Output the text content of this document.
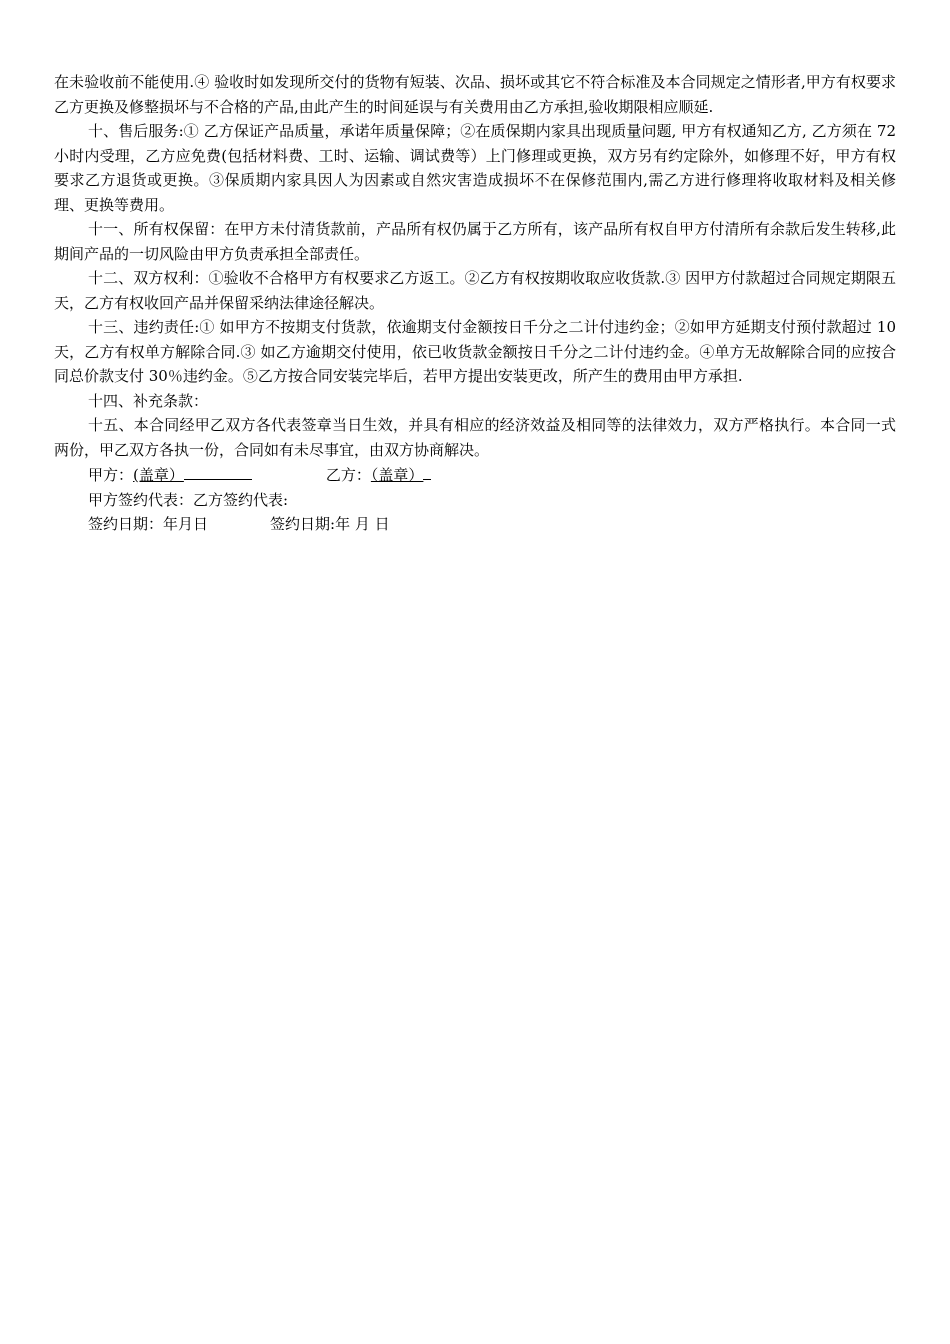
在未验收前不能使用.④ 验收时如发现所交付的货物有短装、次品、损坏或其它不符合标准及本合同规定之情形者,甲方有权要求乙方更换及修整损坏与不合格的产品,由此产生的时间延误与有关费用由乙方承担,验收期限相应顺延.

十、售后服务:① 乙方保证产品质量，承诺年质量保障；②在质保期内家具出现质量问题, 甲方有权通知乙方, 乙方须在 72 小时内受理，乙方应免费(包括材料费、工时、运输、调试费等）上门修理或更换，双方另有约定除外，如修理不好，甲方有权要求乙方退货或更换。③保质期内家具因人为因素或自然灾害造成损坏不在保修范围内,需乙方进行修理将收取材料及相关修理、更换等费用。

十一、所有权保留：在甲方未付清货款前，产品所有权仍属于乙方所有，该产品所有权自甲方付清所有余款后发生转移,此期间产品的一切风险由甲方负责承担全部责任。

十二、双方权利：①验收不合格甲方有权要求乙方返工。②乙方有权按期收取应收货款.③ 因甲方付款超过合同规定期限五天，乙方有权收回产品并保留采纳法律途径解决。

十三、违约责任:① 如甲方不按期支付货款，依逾期支付金额按日千分之二计付违约金；②如甲方延期支付预付款超过 10 天，乙方有权单方解除合同.③ 如乙方逾期交付使用，依已收货款金额按日千分之二计付违约金。④单方无故解除合同的应按合同总价款支付 30％违约金。⑤乙方按合同安装完毕后，若甲方提出安装更改，所产生的费用由甲方承担.

十四、补充条款：

十五、本合同经甲乙双方各代表签章当日生效，并具有相应的经济效益及相同等的法律效力，双方严格执行。本合同一式两份，甲乙双方各执一份，合同如有未尽事宜，由双方协商解决。

甲方：(盖章）	乙方：（盖章）

甲方签约代表：乙方签约代表:

签约日期：年月日	签约日期:年 月 日
